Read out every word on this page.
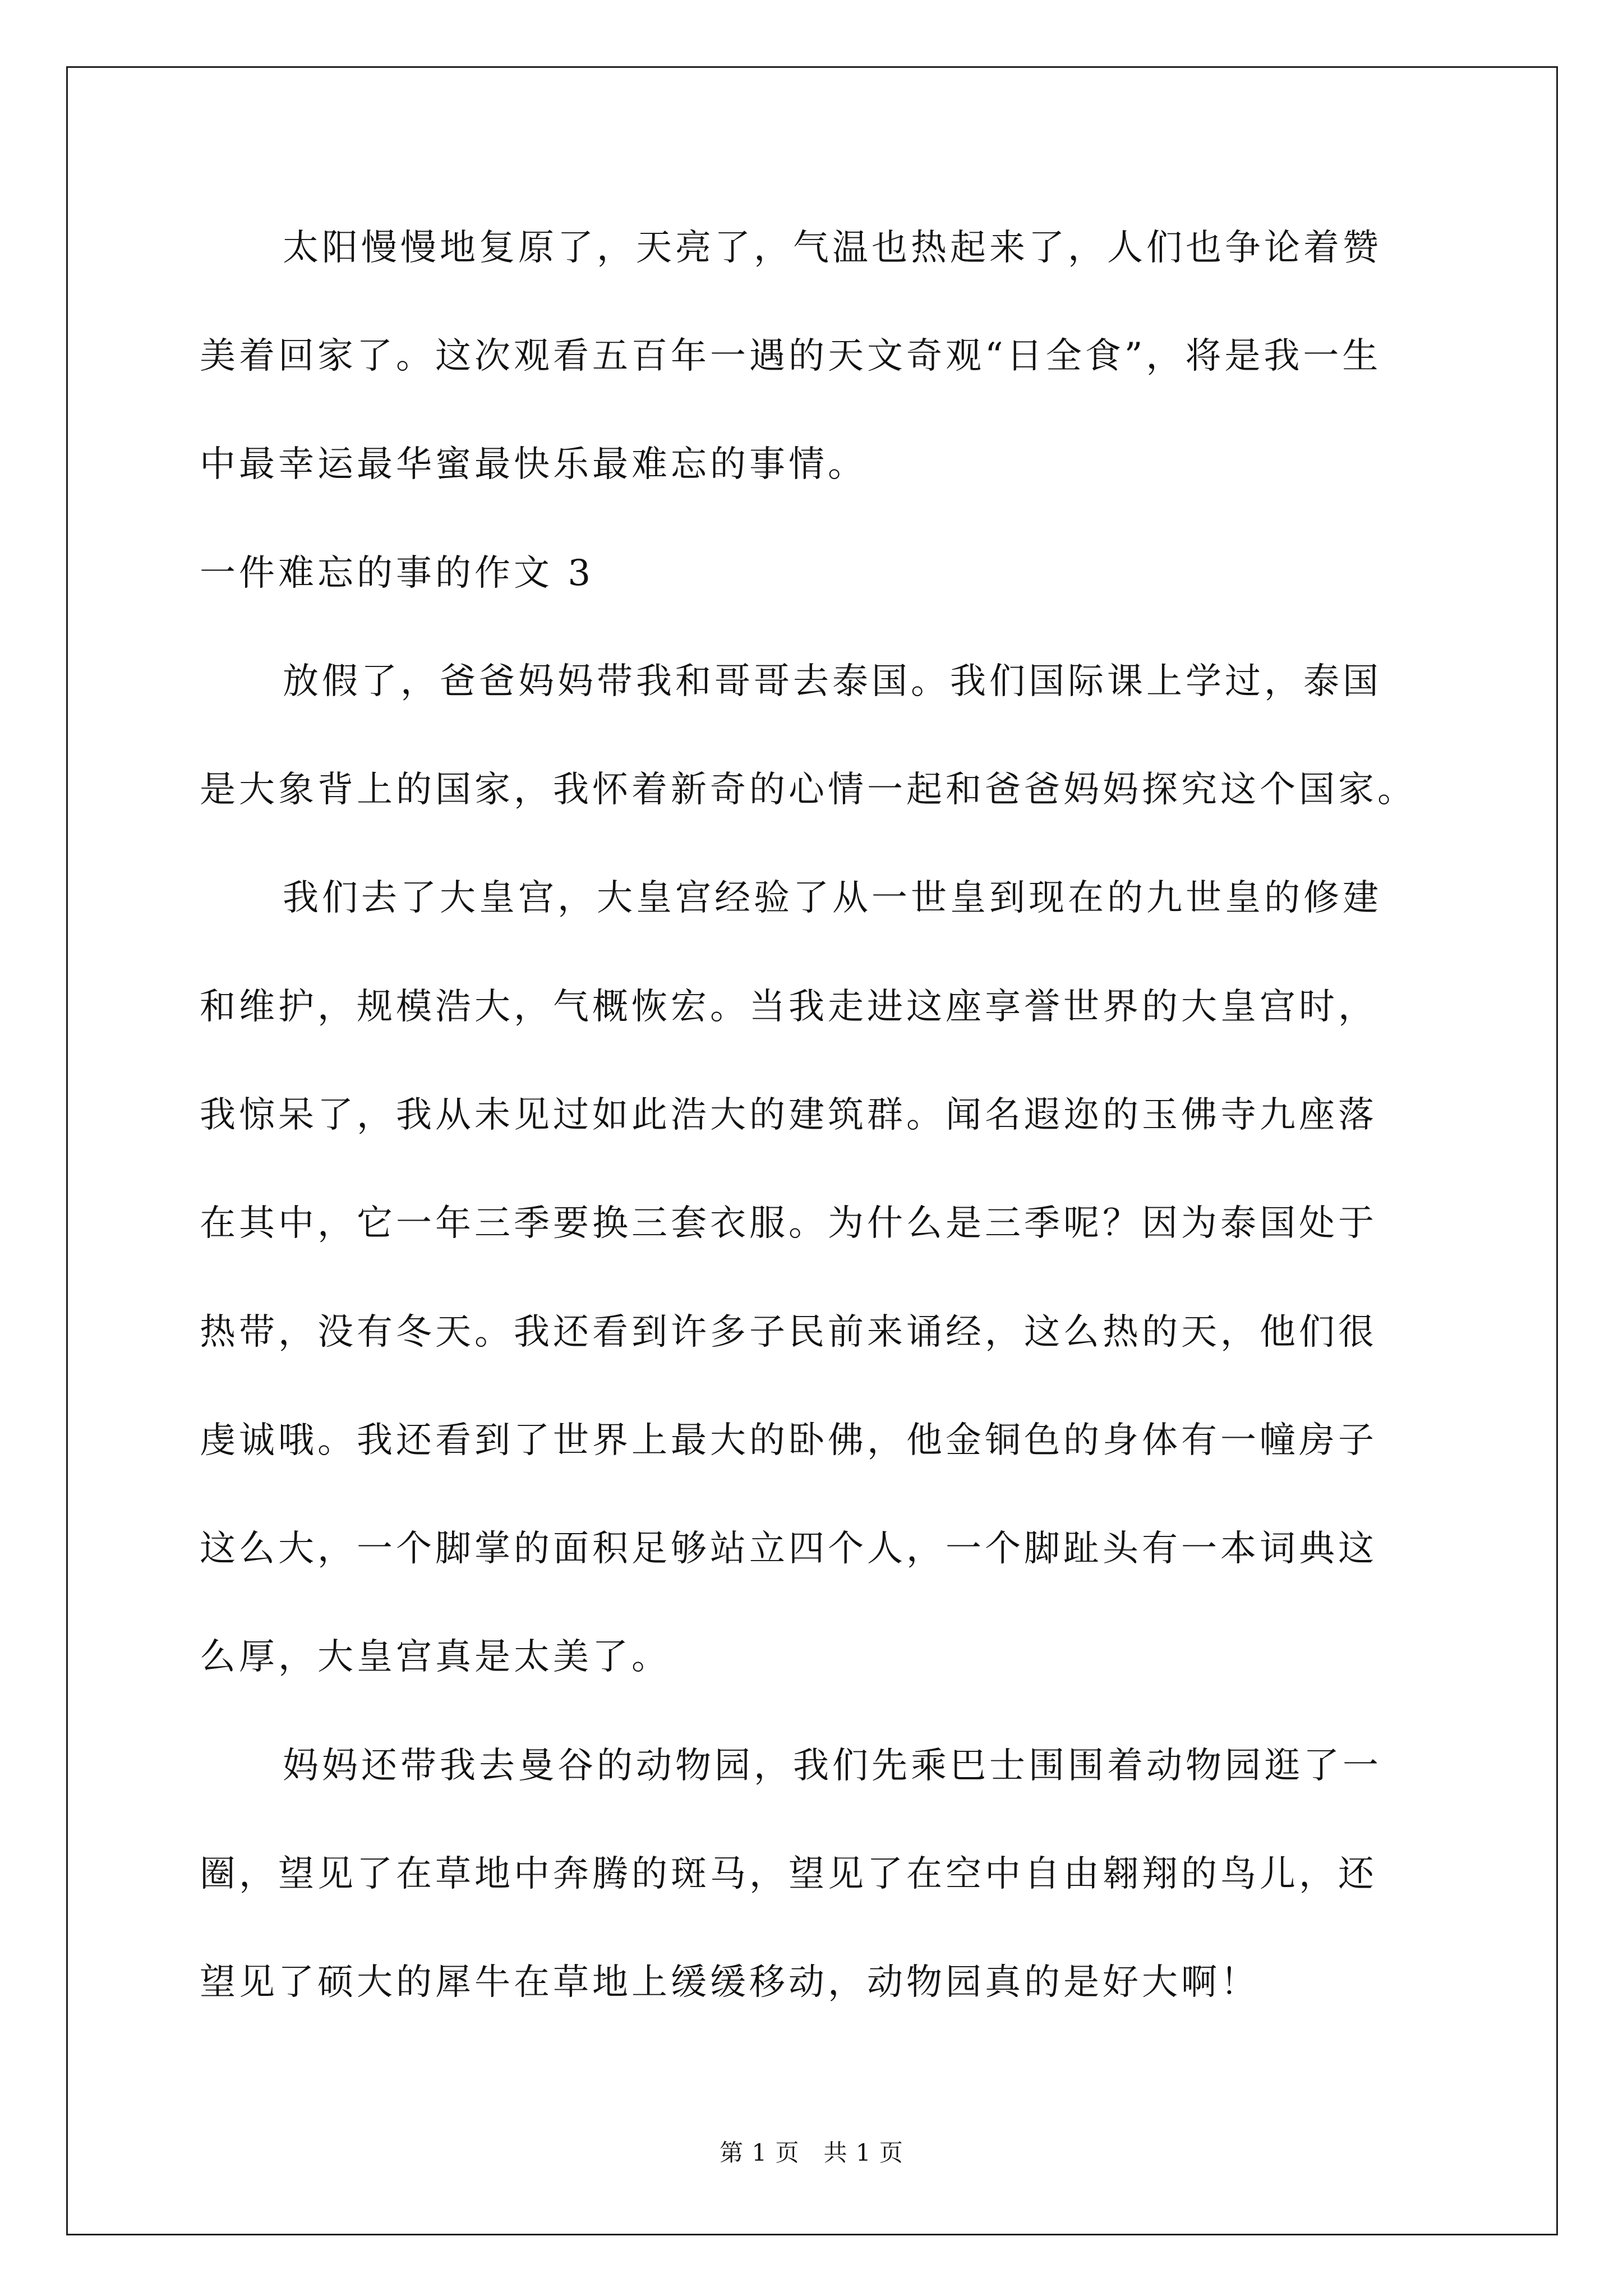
太阳慢慢地复原了，天亮了，气温也热起来了，人们也争论着赞
美着回家了。这次观看五百年一遇的天文奇观“日全食”，将是我一生
中最幸运最华蜜最快乐最难忘的事情。
一件难忘的事的作文 3
放假了，爸爸妈妈带我和哥哥去泰国。我们国际课上学过，泰国
是大象背上的国家，我怀着新奇的心情一起和爸爸妈妈探究这个国家。
我们去了大皇宫，大皇宫经验了从一世皇到现在的九世皇的修建
和维护，规模浩大，气概恢宏。当我走进这座享誉世界的大皇宫时，
我惊呆了，我从未见过如此浩大的建筑群。闻名遐迩的玉佛寺九座落
在其中，它一年三季要换三套衣服。为什么是三季呢？因为泰国处于
热带，没有冬天。我还看到许多子民前来诵经，这么热的天，他们很
虔诚哦。我还看到了世界上最大的卧佛，他金铜色的身体有一幢房子
这么大，一个脚掌的面积足够站立四个人，一个脚趾头有一本词典这
么厚，大皇宫真是太美了。
妈妈还带我去曼谷的动物园，我们先乘巴士围围着动物园逛了一
圈，望见了在草地中奔腾的斑马，望见了在空中自由翱翔的鸟儿，还
望见了硕大的犀牛在草地上缓缓移动，动物园真的是好大啊！
第 1 页　共 1 页
